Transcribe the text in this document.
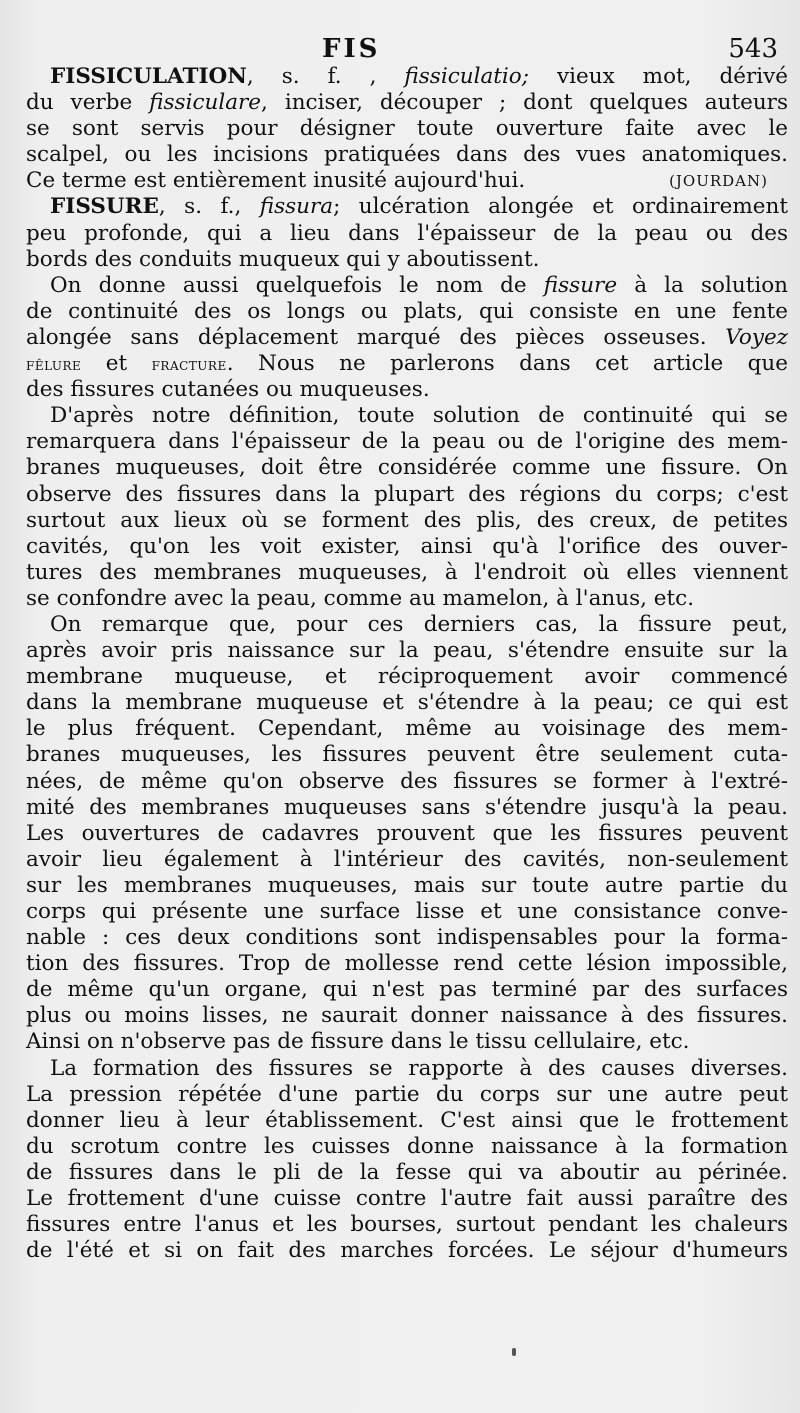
FIS	543
FISSICULATION, s. f. , fissiculatio; vieux mot, dérivé
du verbe fissiculare, inciser, découper ; dont quelques auteurs
se sont servis pour désigner toute ouverture faite avec le
scalpel, ou les incisions pratiquées dans des vues anatomiques.
Ce terme est entièrement inusité aujourd'hui.	(JOURDAN)
FISSURE, s. f., fissura; ulcération alongée et ordinairement
peu profonde, qui a lieu dans l'épaisseur de la peau ou des
bords des conduits muqueux qui y aboutissent.
On donne aussi quelquefois le nom de fissure à la solution
de continuité des os longs ou plats, qui consiste en une fente
alongée sans déplacement marqué des pièces osseuses. Voyez
fêlure et fracture. Nous ne parlerons dans cet article que
des fissures cutanées ou muqueuses.
D'après notre définition, toute solution de continuité qui se
remarquera dans l'épaisseur de la peau ou de l'origine des mem-
branes muqueuses, doit être considérée comme une fissure. On
observe des fissures dans la plupart des régions du corps; c'est
surtout aux lieux où se forment des plis, des creux, de petites
cavités, qu'on les voit exister, ainsi qu'à l'orifice des ouver-
tures des membranes muqueuses, à l'endroit où elles viennent
se confondre avec la peau, comme au mamelon, à l'anus, etc.
On remarque que, pour ces derniers cas, la fissure peut,
après avoir pris naissance sur la peau, s'étendre ensuite sur la
membrane muqueuse, et réciproquement avoir commencé
dans la membrane muqueuse et s'étendre à la peau; ce qui est
le plus fréquent. Cependant, même au voisinage des mem-
branes muqueuses, les fissures peuvent être seulement cuta-
nées, de même qu'on observe des fissures se former à l'extré-
mité des membranes muqueuses sans s'étendre jusqu'à la peau.
Les ouvertures de cadavres prouvent que les fissures peuvent
avoir lieu également à l'intérieur des cavités, non-seulement
sur les membranes muqueuses, mais sur toute autre partie du
corps qui présente une surface lisse et une consistance conve-
nable : ces deux conditions sont indispensables pour la forma-
tion des fissures. Trop de mollesse rend cette lésion impossible,
de même qu'un organe, qui n'est pas terminé par des surfaces
plus ou moins lisses, ne saurait donner naissance à des fissures.
Ainsi on n'observe pas de fissure dans le tissu cellulaire, etc.
La formation des fissures se rapporte à des causes diverses.
La pression répétée d'une partie du corps sur une autre peut
donner lieu à leur établissement. C'est ainsi que le frottement
du scrotum contre les cuisses donne naissance à la formation
de fissures dans le pli de la fesse qui va aboutir au périnée.
Le frottement d'une cuisse contre l'autre fait aussi paraître des
fissures entre l'anus et les bourses, surtout pendant les chaleurs
de l'été et si on fait des marches forcées. Le séjour d'humeurs
